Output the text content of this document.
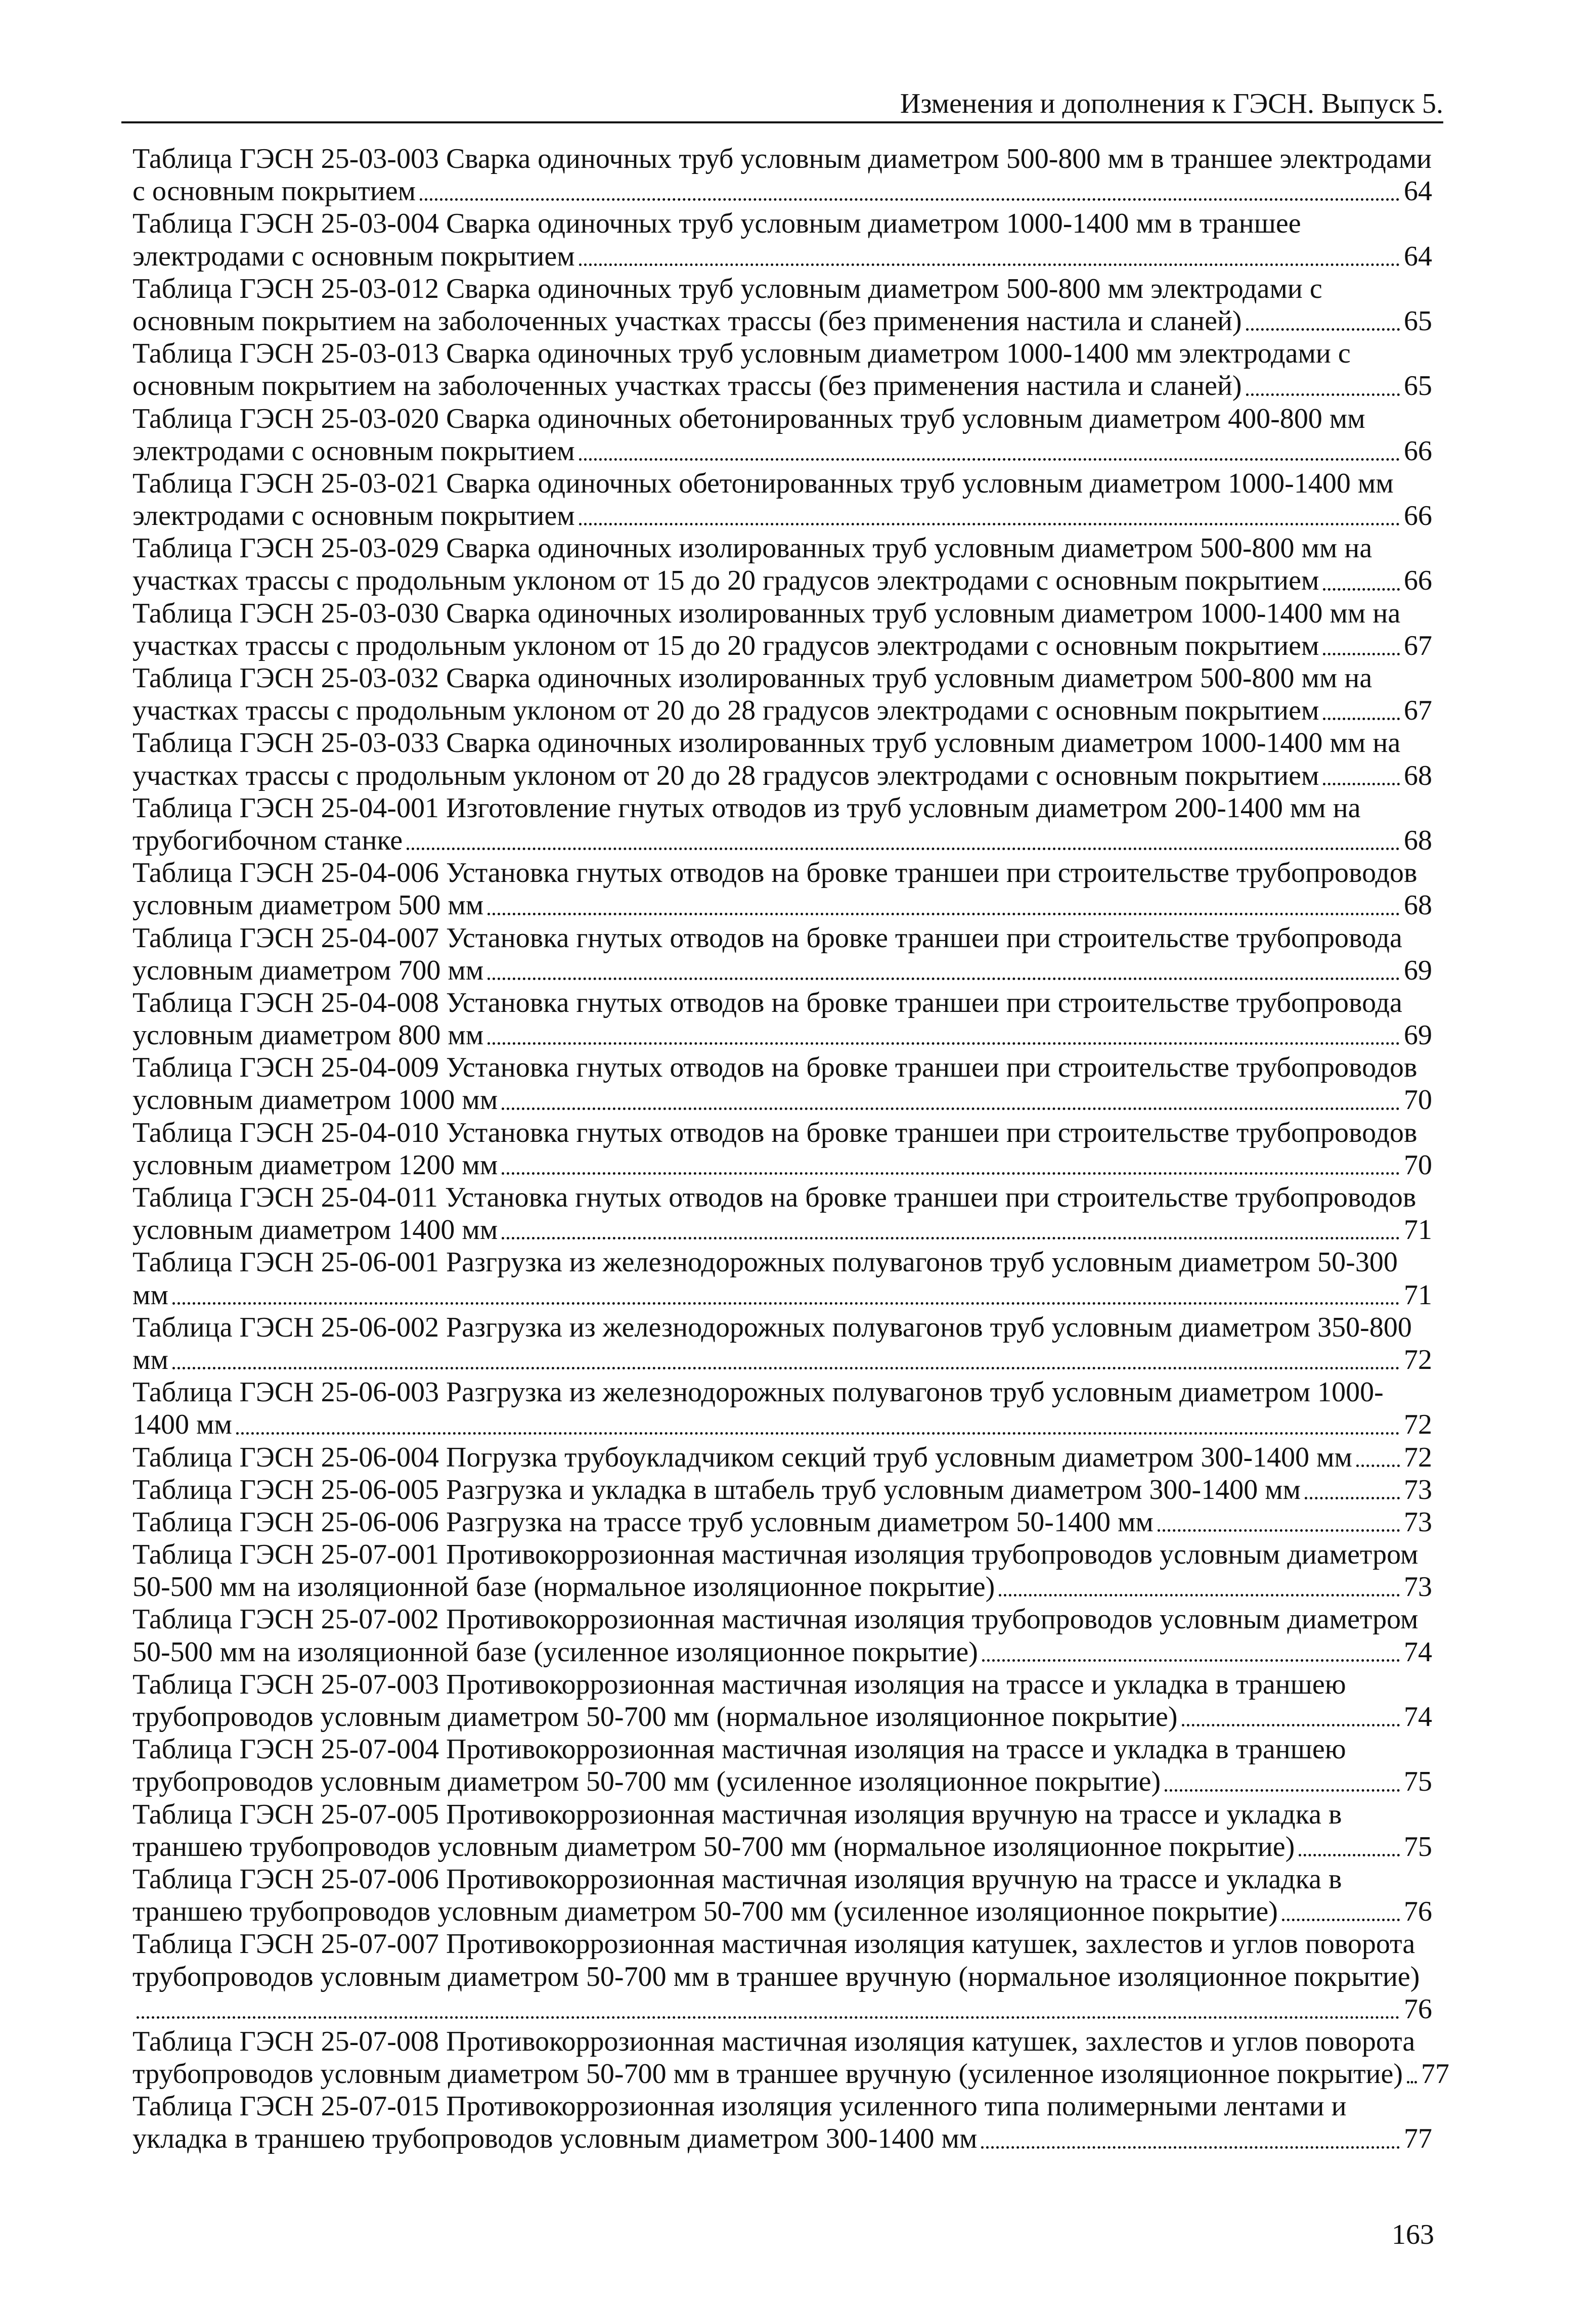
Изменения и дополнения к ГЭСН. Выпуск 5.
Таблица ГЭСН 25-03-003 Сварка одиночных труб условным диаметром 500-800 мм в траншее электродами
с основным покрытием	64
Таблица ГЭСН 25-03-004 Сварка одиночных труб условным диаметром 1000-1400 мм в траншее
электродами с основным покрытием	64
Таблица ГЭСН 25-03-012 Сварка одиночных труб условным диаметром 500-800 мм электродами с
основным покрытием на заболоченных участках трассы (без применения настила и сланей)	65
Таблица ГЭСН 25-03-013 Сварка одиночных труб условным диаметром 1000-1400 мм электродами с
основным покрытием на заболоченных участках трассы (без применения настила и сланей)	65
Таблица ГЭСН 25-03-020 Сварка одиночных обетонированных труб условным диаметром 400-800 мм
электродами с основным покрытием	66
Таблица ГЭСН 25-03-021 Сварка одиночных обетонированных труб условным диаметром 1000-1400 мм
электродами с основным покрытием	66
Таблица ГЭСН 25-03-029 Сварка одиночных изолированных труб условным диаметром 500-800 мм на
участках трассы с продольным уклоном от 15 до 20 градусов электродами с основным покрытием	66
Таблица ГЭСН 25-03-030 Сварка одиночных изолированных труб условным диаметром 1000-1400 мм на
участках трассы с продольным уклоном от 15 до 20 градусов электродами с основным покрытием	67
Таблица ГЭСН 25-03-032 Сварка одиночных изолированных труб условным диаметром 500-800 мм на
участках трассы с продольным уклоном от 20 до 28 градусов электродами с основным покрытием	67
Таблица ГЭСН 25-03-033 Сварка одиночных изолированных труб условным диаметром 1000-1400 мм на
участках трассы с продольным уклоном от 20 до 28 градусов электродами с основным покрытием	68
Таблица ГЭСН 25-04-001 Изготовление гнутых отводов из труб условным диаметром 200-1400 мм на
трубогибочном станке	68
Таблица ГЭСН 25-04-006 Установка гнутых отводов на бровке траншеи при строительстве трубопроводов
условным диаметром 500 мм	68
Таблица ГЭСН 25-04-007 Установка гнутых отводов на бровке траншеи при строительстве трубопровода
условным диаметром 700 мм	69
Таблица ГЭСН 25-04-008 Установка гнутых отводов на бровке траншеи при строительстве трубопровода
условным диаметром 800 мм	69
Таблица ГЭСН 25-04-009 Установка гнутых отводов на бровке траншеи при строительстве трубопроводов
условным диаметром 1000 мм	70
Таблица ГЭСН 25-04-010 Установка гнутых отводов на бровке траншеи при строительстве трубопроводов
условным диаметром 1200 мм	70
Таблица ГЭСН 25-04-011 Установка гнутых отводов на бровке траншеи при строительстве трубопроводов
условным диаметром 1400 мм	71
Таблица ГЭСН 25-06-001 Разгрузка из железнодорожных полувагонов труб условным диаметром 50-300
мм	71
Таблица ГЭСН 25-06-002 Разгрузка из железнодорожных полувагонов труб условным диаметром 350-800
мм	72
Таблица ГЭСН 25-06-003 Разгрузка из железнодорожных полувагонов труб условным диаметром 1000-
1400 мм	72
Таблица ГЭСН 25-06-004 Погрузка трубоукладчиком секций труб условным диаметром 300-1400 мм 72
Таблица ГЭСН 25-06-005 Разгрузка и укладка в штабель труб условным диаметром 300-1400 мм	73
Таблица ГЭСН 25-06-006 Разгрузка на трассе труб условным диаметром 50-1400 мм	73
Таблица ГЭСН 25-07-001 Противокоррозионная мастичная изоляция трубопроводов условным диаметром
50-500 мм на изоляционной базе (нормальное изоляционное покрытие)	73
Таблица ГЭСН 25-07-002 Противокоррозионная мастичная изоляция трубопроводов условным диаметром
50-500 мм на изоляционной базе (усиленное изоляционное покрытие)	74
Таблица ГЭСН 25-07-003 Противокоррозионная мастичная изоляция на трассе и укладка в траншею
трубопроводов условным диаметром 50-700 мм (нормальное изоляционное покрытие)	74
Таблица ГЭСН 25-07-004 Противокоррозионная мастичная изоляция на трассе и укладка в траншею
трубопроводов условным диаметром 50-700 мм (усиленное изоляционное покрытие)	75
Таблица ГЭСН 25-07-005 Противокоррозионная мастичная изоляция вручную на трассе и укладка в
траншею трубопроводов условным диаметром 50-700 мм (нормальное изоляционное покрытие)	75
Таблица ГЭСН 25-07-006 Противокоррозионная мастичная изоляция вручную на трассе и укладка в
траншею трубопроводов условным диаметром 50-700 мм (усиленное изоляционное покрытие)	76
Таблица ГЭСН 25-07-007 Противокоррозионная мастичная изоляция катушек, захлестов и углов поворота
трубопроводов условным диаметром 50-700 мм в траншее вручную (нормальное изоляционное покрытие)
76
Таблица ГЭСН 25-07-008 Противокоррозионная мастичная изоляция катушек, захлестов и углов поворота
трубопроводов условным диаметром 50-700 мм в траншее вручную (усиленное изоляционное покрытие) 77
Таблица ГЭСН 25-07-015 Противокоррозионная изоляция усиленного типа полимерными лентами и
укладка в траншею трубопроводов условным диаметром 300-1400 мм	77
163
